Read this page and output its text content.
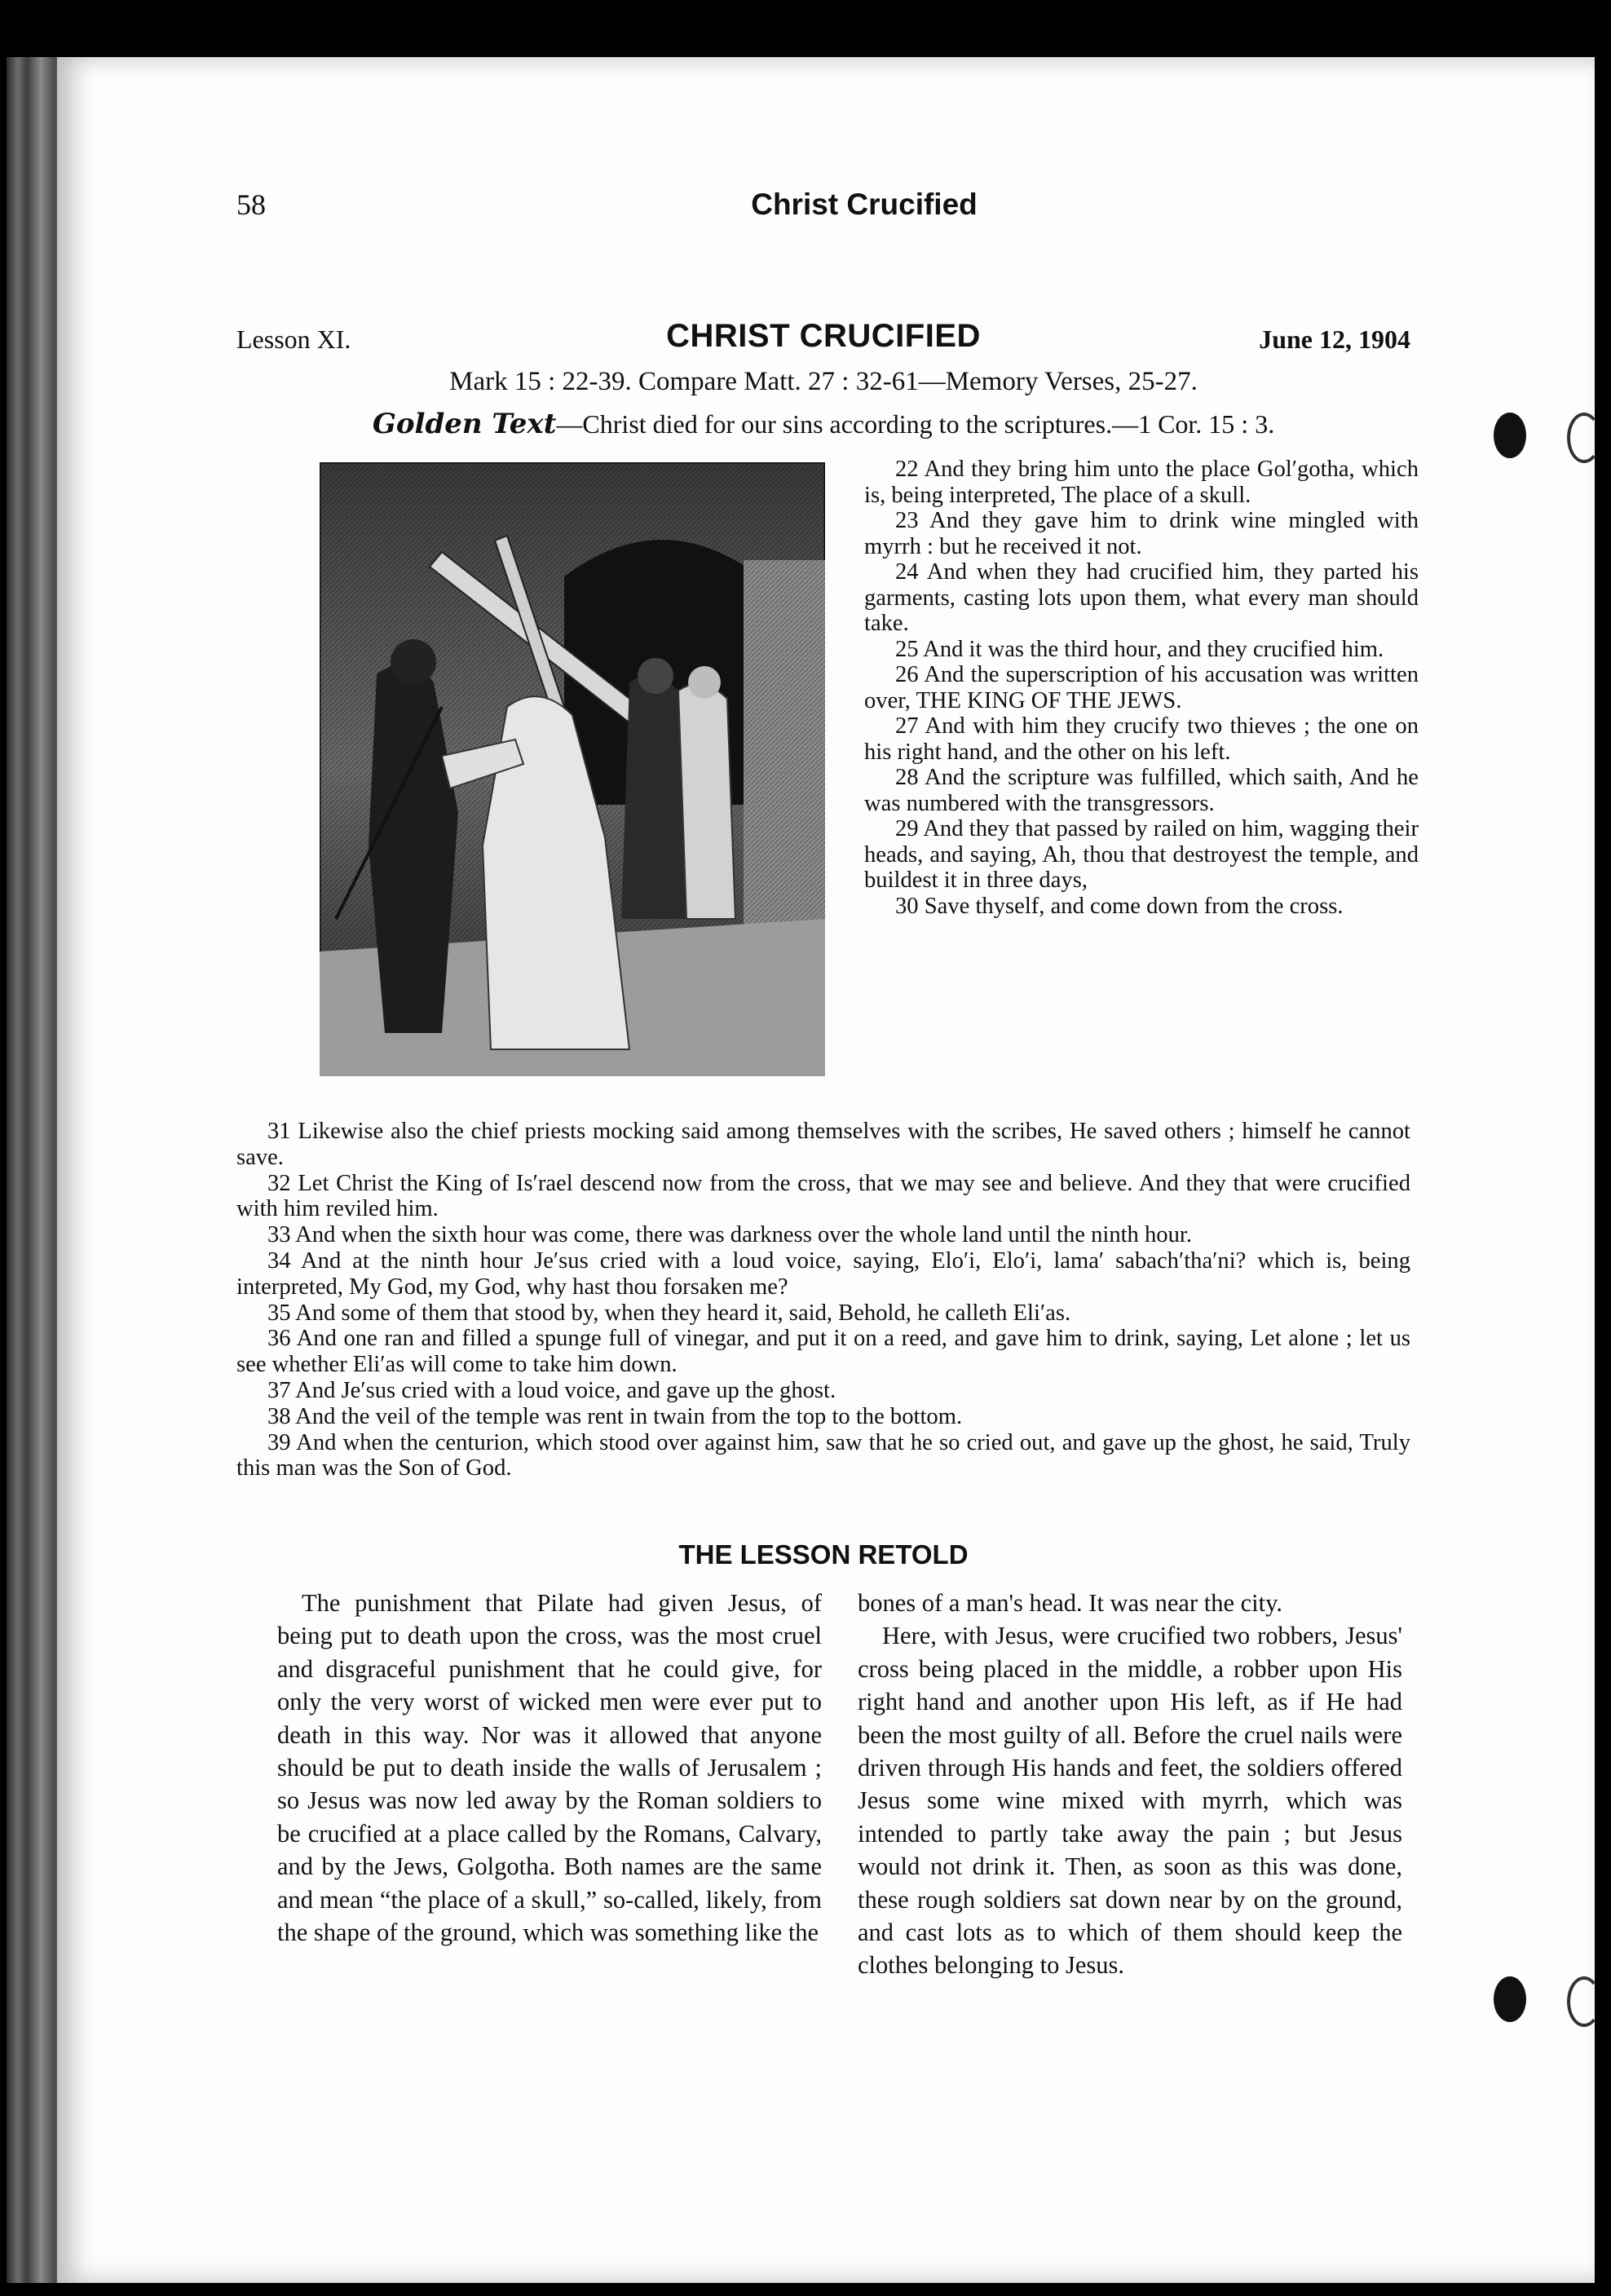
58	Christ Crucified
Lesson XI.	CHRIST CRUCIFIED	June 12, 1904
Mark 15 : 22-39. Compare Matt. 27 : 32-61—Memory Verses, 25-27.
Golden Text—Christ died for our sins according to the scriptures.—1 Cor. 15 : 3.

22 And they bring him unto the place Gol′gotha, which is, being interpreted, The place of a skull.

23 And they gave him to drink wine mingled with myrrh : but he received it not.

24 And when they had crucified him, they parted his garments, casting lots upon them, what every man should take.

25 And it was the third hour, and they crucified him.

26 And the superscription of his accusation was written over, THE KING OF THE JEWS.

27 And with him they crucify two thieves ; the one on his right hand, and the other on his left.

28 And the scripture was fulfilled, which saith, And he was numbered with the transgressors.

29 And they that passed by railed on him, wagging their heads, and saying, Ah, thou that destroyest the temple, and buildest it in three days,

30 Save thyself, and come down from the cross.

31 Likewise also the chief priests mocking said among themselves with the scribes, He saved others ; himself he cannot save.

32 Let Christ the King of Is′rael descend now from the cross, that we may see and believe. And they that were crucified with him reviled him.

33 And when the sixth hour was come, there was darkness over the whole land until the ninth hour.

34 And at the ninth hour Je′sus cried with a loud voice, saying, Elo′i, Elo′i, lama′ sabach′tha′ni? which is, being interpreted, My God, my God, why hast thou forsaken me?

35 And some of them that stood by, when they heard it, said, Behold, he calleth Eli′as.

36 And one ran and filled a spunge full of vinegar, and put it on a reed, and gave him to drink, saying, Let alone ; let us see whether Eli′as will come to take him down.

37 And Je′sus cried with a loud voice, and gave up the ghost.

38 And the veil of the temple was rent in twain from the top to the bottom.

39 And when the centurion, which stood over against him, saw that he so cried out, and gave up the ghost, he said, Truly this man was the Son of God.

THE LESSON RETOLD

The punishment that Pilate had given Jesus, of being put to death upon the cross, was the most cruel and disgraceful punishment that he could give, for only the very worst of wicked men were ever put to death in this way. Nor was it allowed that anyone should be put to death inside the walls of Jerusalem ; so Jesus was now led away by the Roman soldiers to be crucified at a place called by the Romans, Calvary, and by the Jews, Golgotha. Both names are the same and mean “the place of a skull,” so-called, likely, from the shape of the ground, which was something like the

bones of a man's head. It was near the city.

Here, with Jesus, were crucified two robbers, Jesus' cross being placed in the middle, a robber upon His right hand and another upon His left, as if He had been the most guilty of all. Before the cruel nails were driven through His hands and feet, the soldiers offered Jesus some wine mixed with myrrh, which was intended to partly take away the pain ; but Jesus would not drink it. Then, as soon as this was done, these rough soldiers sat down near by on the ground, and cast lots as to which of them should keep the clothes belonging to Jesus.
